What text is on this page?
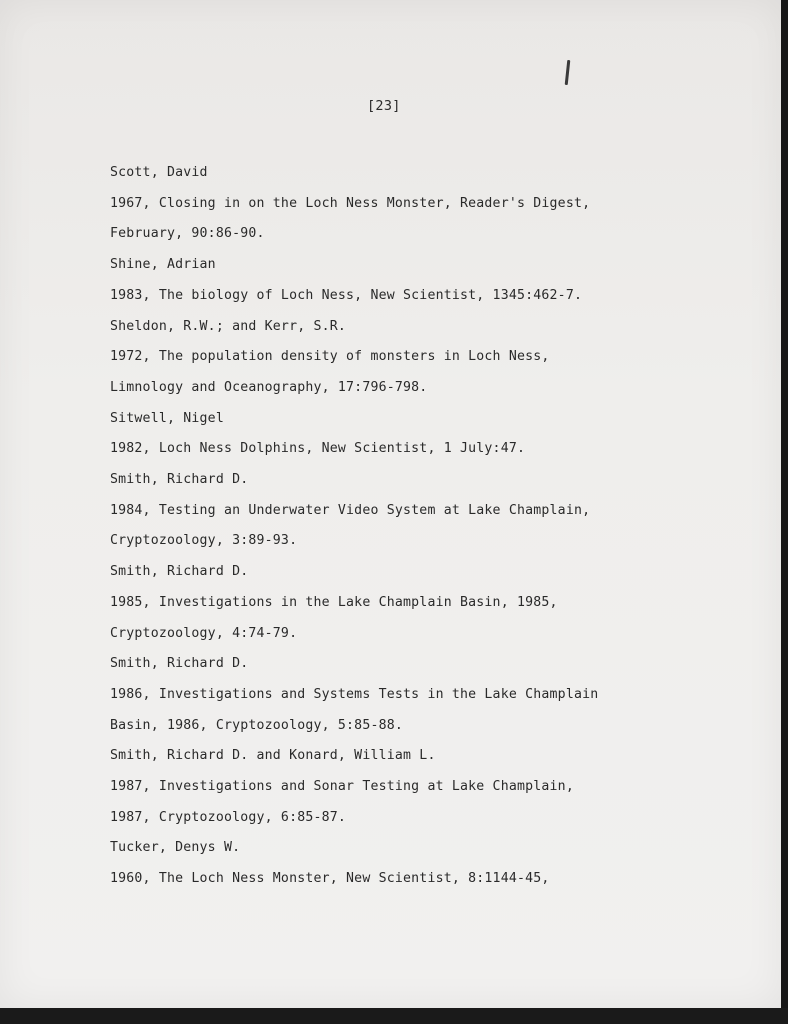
[23]
Scott, David
1967, Closing in on the Loch Ness Monster, Reader's Digest,
February, 90:86-90.
Shine, Adrian
1983, The biology of Loch Ness, New Scientist, 1345:462-7.
Sheldon, R.W.; and Kerr, S.R.
1972, The population density of monsters in Loch Ness,
Limnology and Oceanography, 17:796-798.
Sitwell, Nigel
1982, Loch Ness Dolphins, New Scientist, 1 July:47.
Smith, Richard D.
1984, Testing an Underwater Video System at Lake Champlain,
Cryptozoology, 3:89-93.
Smith, Richard D.
1985, Investigations in the Lake Champlain Basin, 1985,
Cryptozoology, 4:74-79.
Smith, Richard D.
1986, Investigations and Systems Tests in the Lake Champlain
Basin, 1986, Cryptozoology, 5:85-88.
Smith, Richard D. and Konard, William L.
1987, Investigations and Sonar Testing at Lake Champlain,
1987, Cryptozoology, 6:85-87.
Tucker, Denys W.
1960, The Loch Ness Monster, New Scientist, 8:1144-45,
